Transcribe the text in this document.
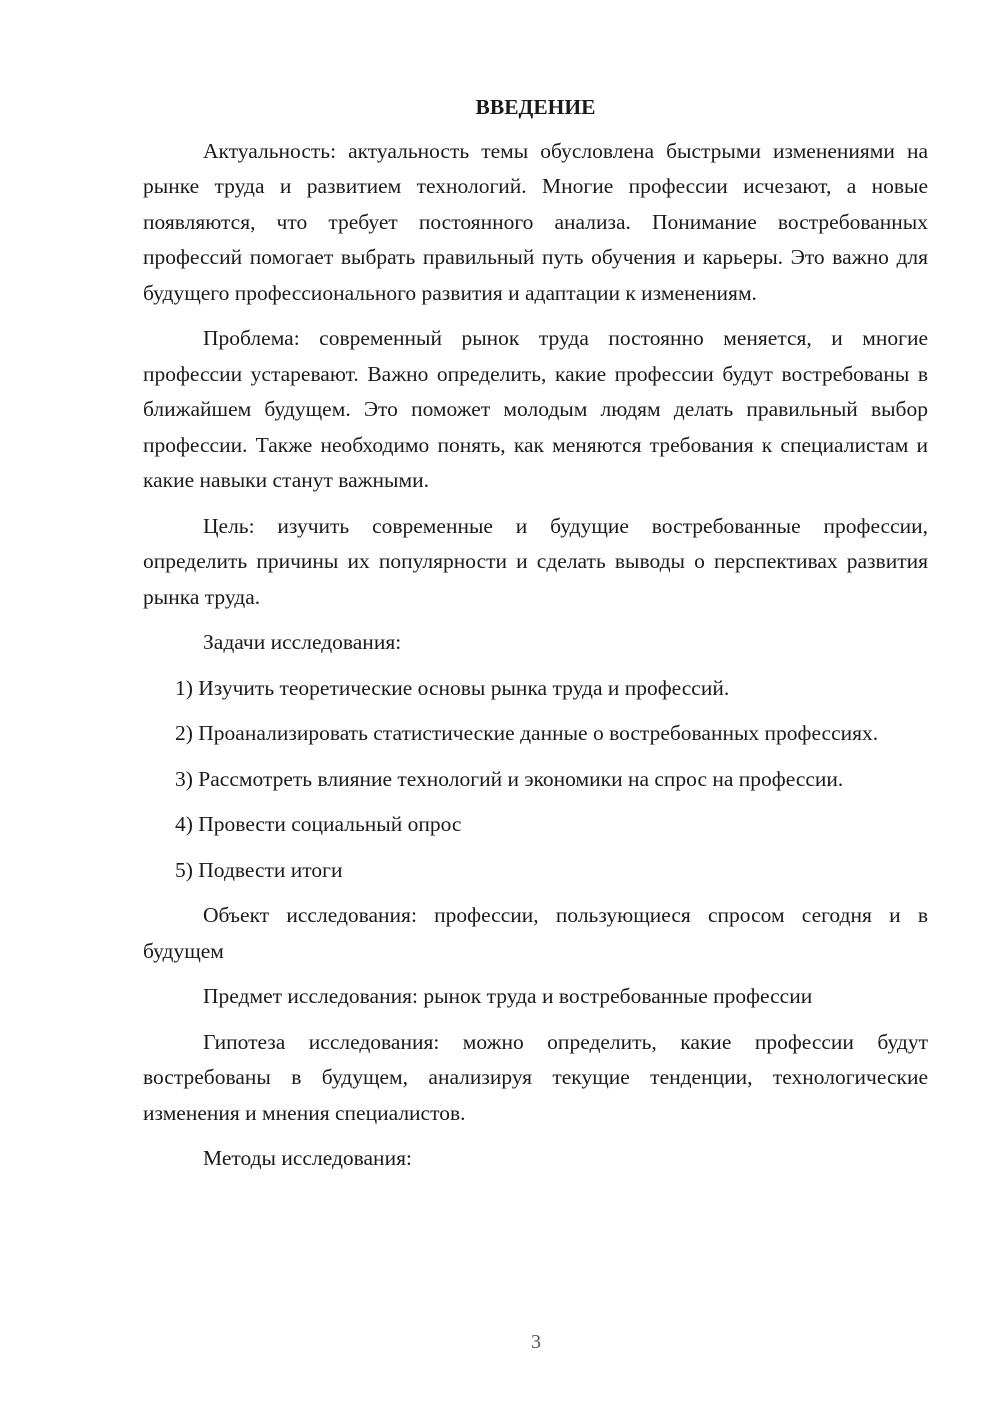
ВВЕДЕНИЕ

Актуальность: актуальность темы обусловлена быстрыми изменениями на рынке труда и развитием технологий. Многие профессии исчезают, а новые появляются, что требует постоянного анализа. Понимание востребованных профессий помогает выбрать правильный путь обучения и карьеры. Это важно для будущего профессионального развития и адаптации к изменениям.

Проблема: современный рынок труда постоянно меняется, и многие профессии устаревают. Важно определить, какие профессии будут востребованы в ближайшем будущем. Это поможет молодым людям делать правильный выбор профессии. Также необходимо понять, как меняются требования к специалистам и какие навыки станут важными.

Цель: изучить современные и будущие востребованные профессии, определить причины их популярности и сделать выводы о перспективах развития рынка труда.

Задачи исследования:

1) Изучить теоретические основы рынка труда и профессий.

2) Проанализировать статистические данные о востребованных профессиях.

3) Рассмотреть влияние технологий и экономики на спрос на профессии.

4) Провести социальный опрос

5) Подвести итоги

Объект исследования: профессии, пользующиеся спросом сегодня и в будущем

Предмет исследования: рынок труда и востребованные профессии

Гипотеза исследования: можно определить, какие профессии будут востребованы в будущем, анализируя текущие тенденции, технологические изменения и мнения специалистов.

Методы исследования:

3
